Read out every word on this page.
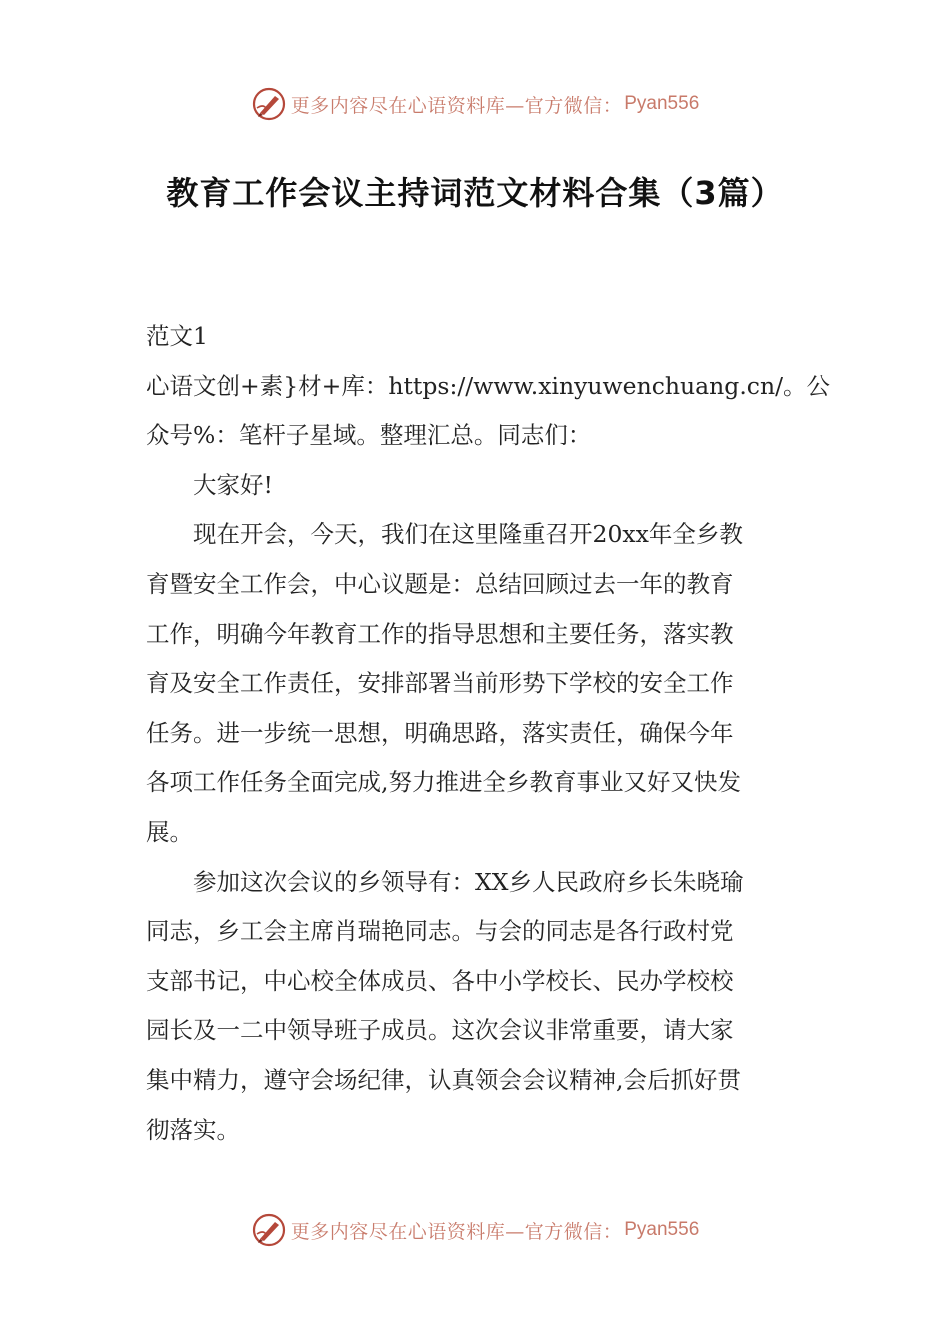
更多内容尽在心语资料库—官方微信： Pyan556
教育工作会议主持词范文材料合集（3篇）

范文1

心语文创+素}材+库：https://www.xinyuwenchuang.cn/。公
众号%：笔杆子星域。整理汇总。同志们：

大家好!

现在开会，今天，我们在这里隆重召开20xx年全乡教
育暨安全工作会，中心议题是：总结回顾过去一年的教育
工作，明确今年教育工作的指导思想和主要任务，落实教
育及安全工作责任，安排部署当前形势下学校的安全工作
任务。进一步统一思想，明确思路，落实责任，确保今年
各项工作任务全面完成,努力推进全乡教育事业又好又快发
展。

参加这次会议的乡领导有：XX乡人民政府乡长朱晓瑜
同志，乡工会主席肖瑞艳同志。与会的同志是各行政村党
支部书记，中心校全体成员、各中小学校长、民办学校校
园长及一二中领导班子成员。这次会议非常重要，请大家
集中精力，遵守会场纪律，认真领会会议精神,会后抓好贯
彻落实。

更多内容尽在心语资料库—官方微信： Pyan556
